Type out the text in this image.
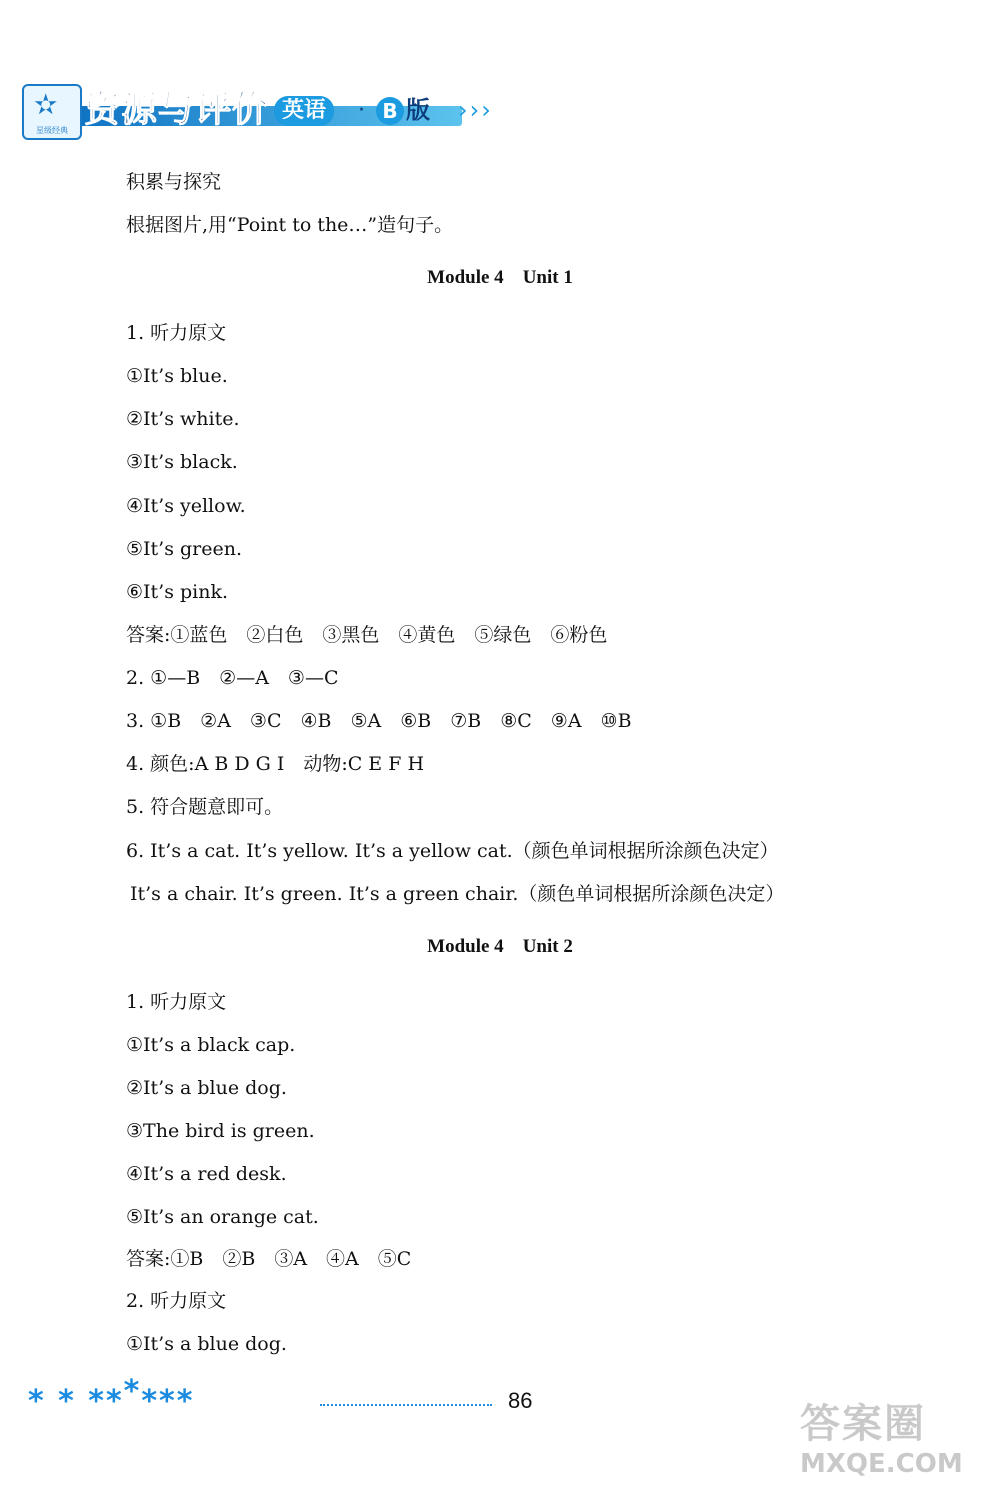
✫
星级经典
资源与评价 英语	· B 版 ›››
积累与探究
根据图片,用“Point to the…”造句子。
Module 4 Unit 1
1. 听力原文
①It’s blue.
②It’s white.
③It’s black.
④It’s yellow.
⑤It’s green.
⑥It’s pink.
答案:①蓝色　②白色　③黑色　④黄色　⑤绿色　⑥粉色
2. ①—B　②—A　③—C
3. ①B　②A　③C　④B　⑤A　⑥B　⑦B　⑧C　⑨A　⑩B
4. 颜色:A B D G I　动物:C E F H
5. 符合题意即可。
6. It’s a cat. It’s yellow. It’s a yellow cat.（颜色单词根据所涂颜色决定）
It’s a chair. It’s green. It’s a green chair.（颜色单词根据所涂颜色决定）
Module 4 Unit 2
1. 听力原文
①It’s a black cap.
②It’s a blue dog.
③The bird is green.
④It’s a red desk.
⑤It’s an orange cat.
答案:①B　②B　③A　④A　⑤C
2. 听力原文
①It’s a blue dog.
* * ******	86
答案圈
MXQE.COM
